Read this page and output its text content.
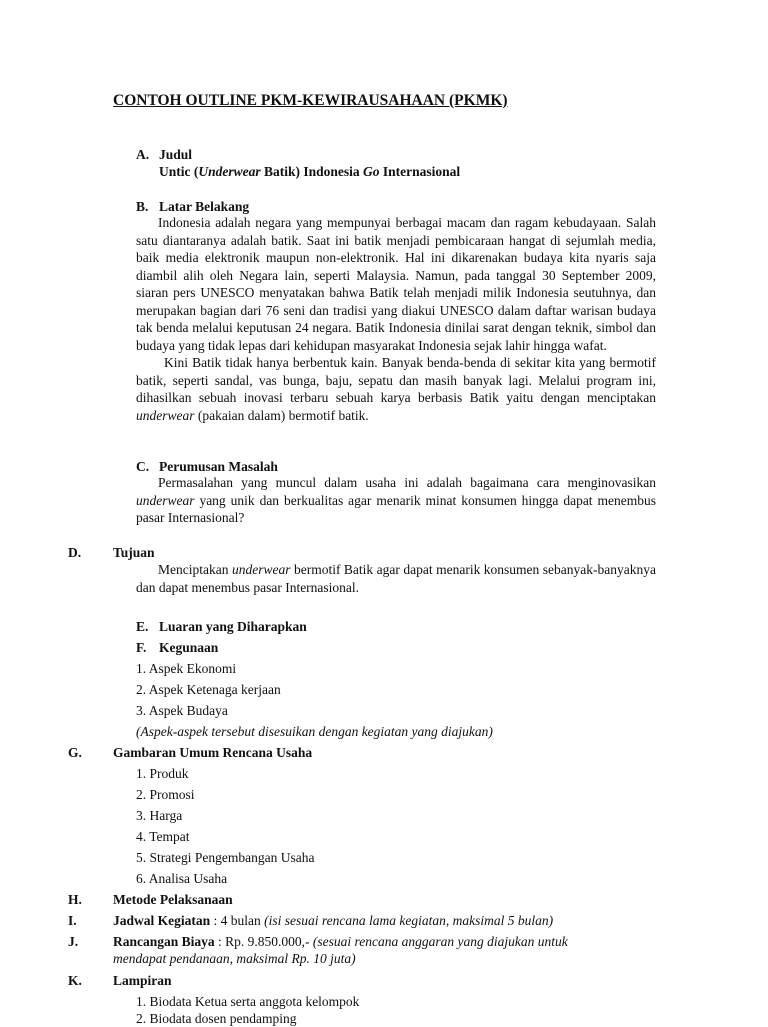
CONTOH OUTLINE PKM-KEWIRAUSAHAAN (PKMK)
A. Judul
Untic (Underwear Batik) Indonesia Go Internasional
B. Latar Belakang

Indonesia adalah negara yang mempunyai berbagai macam dan ragam kebudayaan. Salah satu diantaranya adalah batik. Saat ini batik menjadi pembicaraan hangat di sejumlah media, baik media elektronik maupun non-elektronik. Hal ini dikarenakan budaya kita nyaris saja diambil alih oleh Negara lain, seperti Malaysia. Namun, pada tanggal 30 September 2009, siaran pers UNESCO menyatakan bahwa Batik telah menjadi milik Indonesia seutuhnya, dan merupakan bagian dari 76 seni dan tradisi yang diakui UNESCO dalam daftar warisan budaya tak benda melalui keputusan 24 negara. Batik Indonesia dinilai sarat dengan teknik, simbol dan budaya yang tidak lepas dari kehidupan masyarakat Indonesia sejak lahir hingga wafat.

Kini Batik tidak hanya berbentuk kain. Banyak benda-benda di sekitar kita yang bermotif batik, seperti sandal, vas bunga, baju, sepatu dan masih banyak lagi. Melalui program ini, dihasilkan sebuah inovasi terbaru sebuah karya berbasis Batik yaitu dengan menciptakan underwear (pakaian dalam) bermotif batik.

C. Perumusan Masalah

Permasalahan yang muncul dalam usaha ini adalah bagaimana cara menginovasikan underwear yang unik dan berkualitas agar menarik minat konsumen hingga dapat menembus pasar Internasional?

D. Tujuan

Menciptakan underwear bermotif Batik agar dapat menarik konsumen sebanyak-banyaknya dan dapat menembus pasar Internasional.

E. Luaran yang Diharapkan
F. Kegunaan
1. Aspek Ekonomi
2. Aspek Ketenaga kerjaan
3. Aspek Budaya
(Aspek-aspek tersebut disesuikan dengan kegiatan yang diajukan)
G. Gambaran Umum Rencana Usaha
1. Produk
2. Promosi
3. Harga
4. Tempat
5. Strategi Pengembangan Usaha
6. Analisa Usaha
H. Metode Pelaksanaan
I.	Jadwal Kegiatan : 4 bulan (isi sesuai rencana lama kegiatan, maksimal 5 bulan)
J.	Rancangan Biaya : Rp. 9.850.000,- (sesuai rencana anggaran yang diajukan untuk
mendapat pendanaan, maksimal Rp. 10 juta)
K. Lampiran
1. Biodata Ketua serta anggota kelompok
2. Biodata dosen pendamping
